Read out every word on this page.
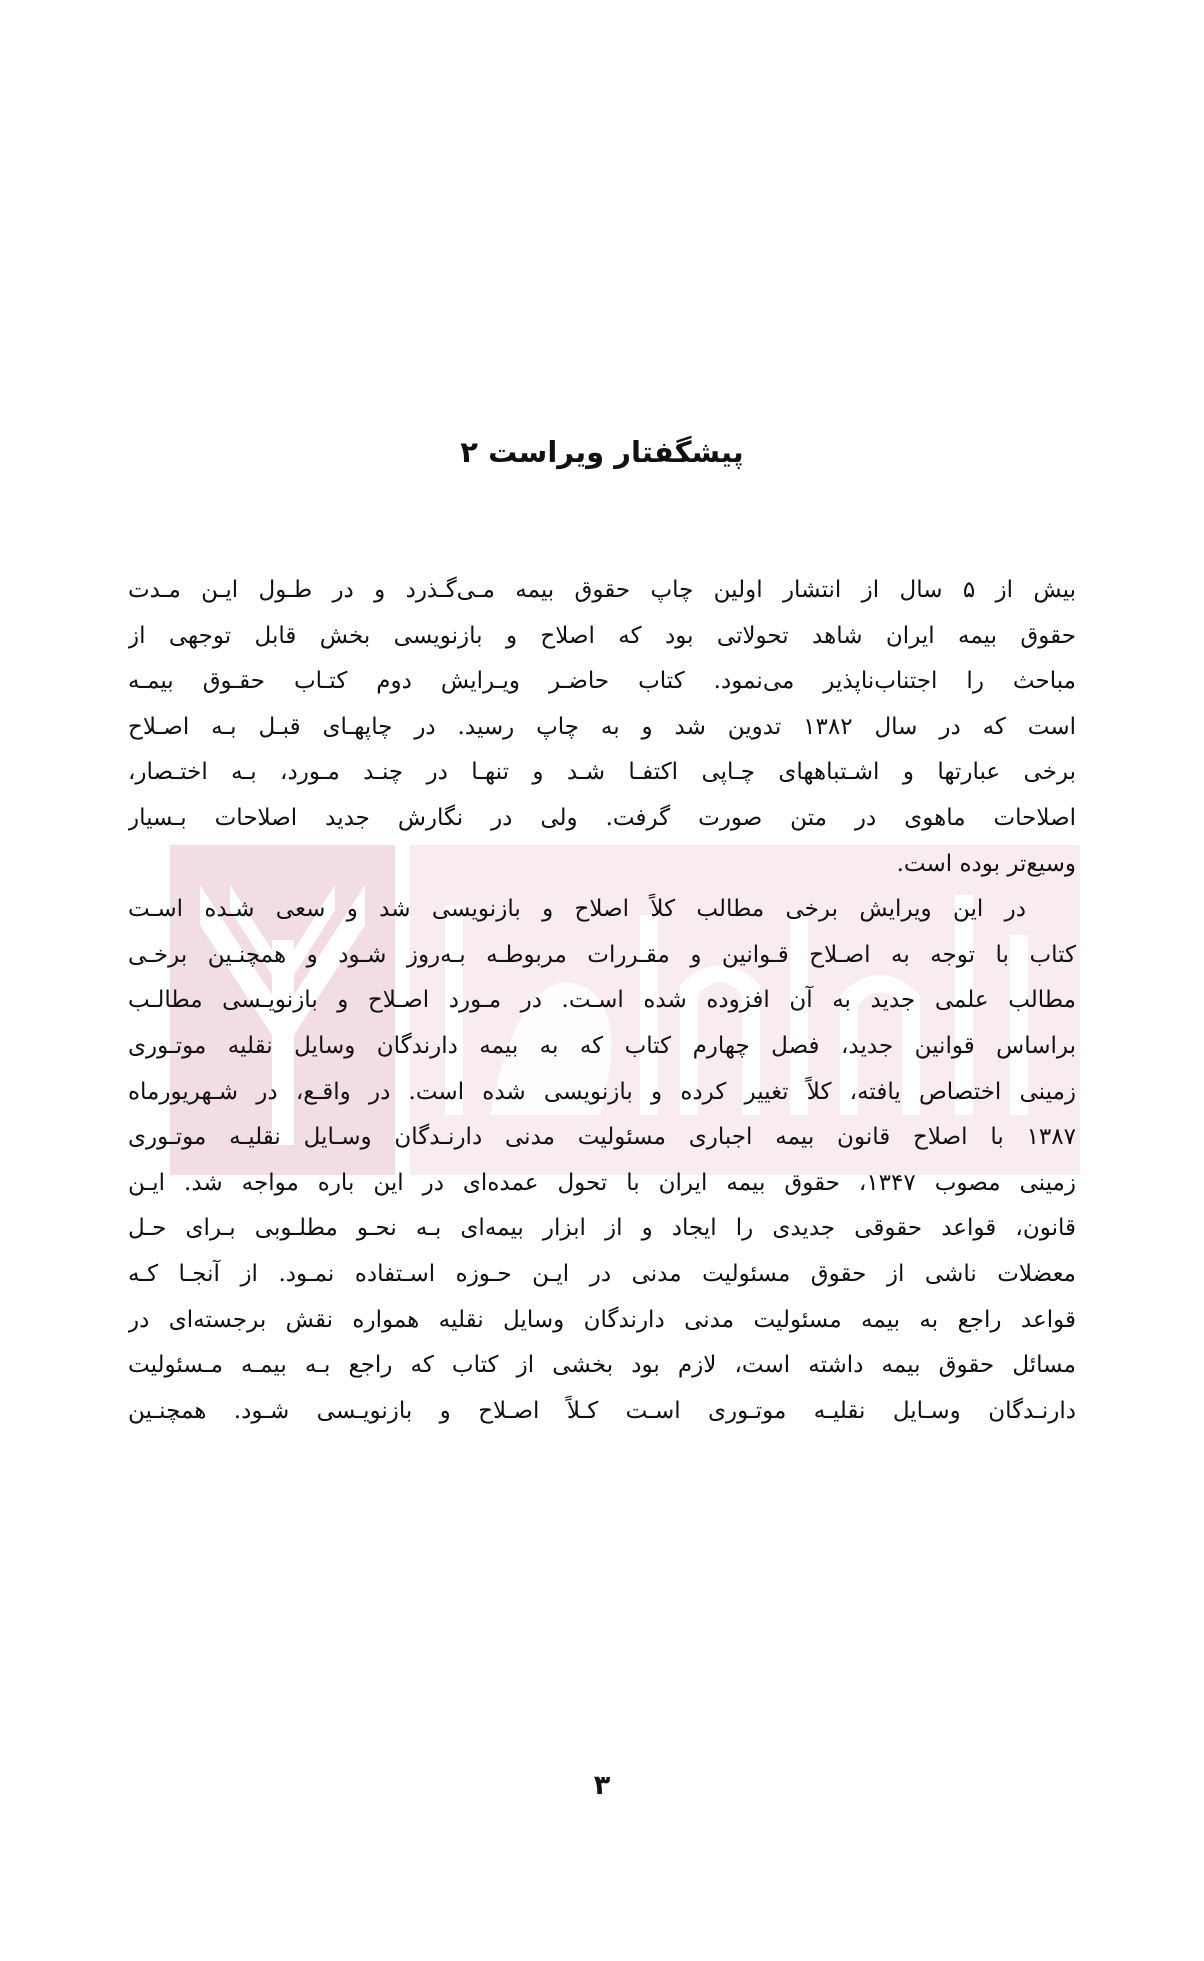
پیشگفتار ویراست ۲
بیش از ۵ سال از انتشار اولین چاپ حقوق بیمه مـی‌گـذرد و در طـول ایـن مـدت
حقوق بیمه ایران شاهد تحولاتی بود که اصلاح و بازنویسی بخش قابل توجهی از
مباحث را اجتناب‌ناپذیر می‌نمود. کتاب حاضـر ویـرایش دوم کتـاب حقـوق بیمـه
است که در سال ۱۳۸۲ تدوین شد و به چاپ رسید. در چاپهـای قبـل بـه اصـلاح
برخی عبارتها و اشـتباههای چـاپی اکتفـا شـد و تنهـا در چنـد مـورد، بـه اختـصار،
اصلاحات ماهوی در متن صورت گرفت. ولی در نگارش جدید اصلاحات بـسیار
وسیع‌تر بوده است.
در این ویرایش برخی مطالب کلاً اصلاح و بازنویسی شد و سعی شـده اسـت
کتاب با توجه به اصـلاح قـوانین و مقـررات مربوطـه بـه‌روز شـود و همچنـین برخـی
مطالب علمی جدید به آن افزوده شده اسـت. در مـورد اصـلاح و بازنویـسی مطالـب
براساس قوانین جدید، فصل چهارم کتاب که به بیمه دارندگان وسایل نقلیه موتـوری
زمینی اختصاص یافته، کلاً تغییر کرده و بازنویسی شده است. در واقـع، در شـهریورماه
۱۳۸۷ با اصلاح قانون بیمه اجباری مسئولیت مدنی دارنـدگان وسـایل نقلیـه موتـوری
زمینی مصوب ۱۳۴۷، حقوق بیمه ایران با تحول عمده‌ای در این باره مواجه شد. ایـن
قانون، قواعد حقوقی جدیدی را ایجاد و از ابزار بیمه‌ای بـه نحـو مطلـوبی بـرای حـل
معضلات ناشی از حقوق مسئولیت مدنی در ایـن حـوزه اسـتفاده نمـود. از آنجـا کـه
قواعد راجع به بیمه مسئولیت مدنی دارندگان وسایل نقلیه همواره نقش برجسته‌ای در
مسائل حقوق بیمه داشته است، لازم بود بخشی از کتاب که راجع بـه بیمـه مـسئولیت
دارنـدگان وسـایل نقلیـه موتـوری اسـت کـلاً اصـلاح و بازنویـسی شـود. همچنـین
۳
